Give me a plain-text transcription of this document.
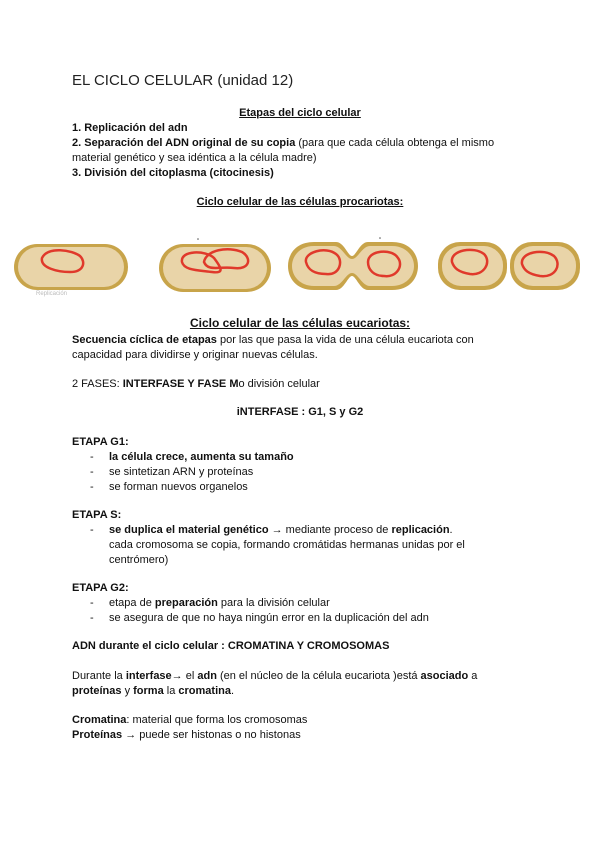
EL CICLO CELULAR (unidad 12)
Etapas del ciclo celular
1. Replicación del adn
2. Separación del ADN original de su copia (para que cada célula obtenga el mismo
material genético y sea idéntica a la célula madre)
3. División del citoplasma (citocinesis)
Ciclo celular de las células procariotas:
Replicación
Ciclo celular de las células eucariotas:
Secuencia cíclica de etapas por las que pasa la vida de una célula eucariota con
capacidad para dividirse y originar nuevas células.
2 FASES: INTERFASE Y FASE Mo división celular
iNTERFASE : G1, S y G2
ETAPA G1:
- la célula crece, aumenta su tamaño
- se sintetizan ARN y proteínas
- se forman nuevos organelos
ETAPA S:
- se duplica el material genético → mediante proceso de replicación.
cada cromosoma se copia, formando cromátidas hermanas unidas por el
centrómero)
ETAPA G2:
- etapa de preparación para la división celular
- se asegura de que no haya ningún error en la duplicación del adn
ADN durante el ciclo celular : CROMATINA Y CROMOSOMAS
Durante la interfase→ el adn (en el núcleo de la célula eucariota )está asociado a
proteínas y forma la cromatina.
Cromatina: material que forma los cromosomas
Proteínas → puede ser histonas o no histonas
